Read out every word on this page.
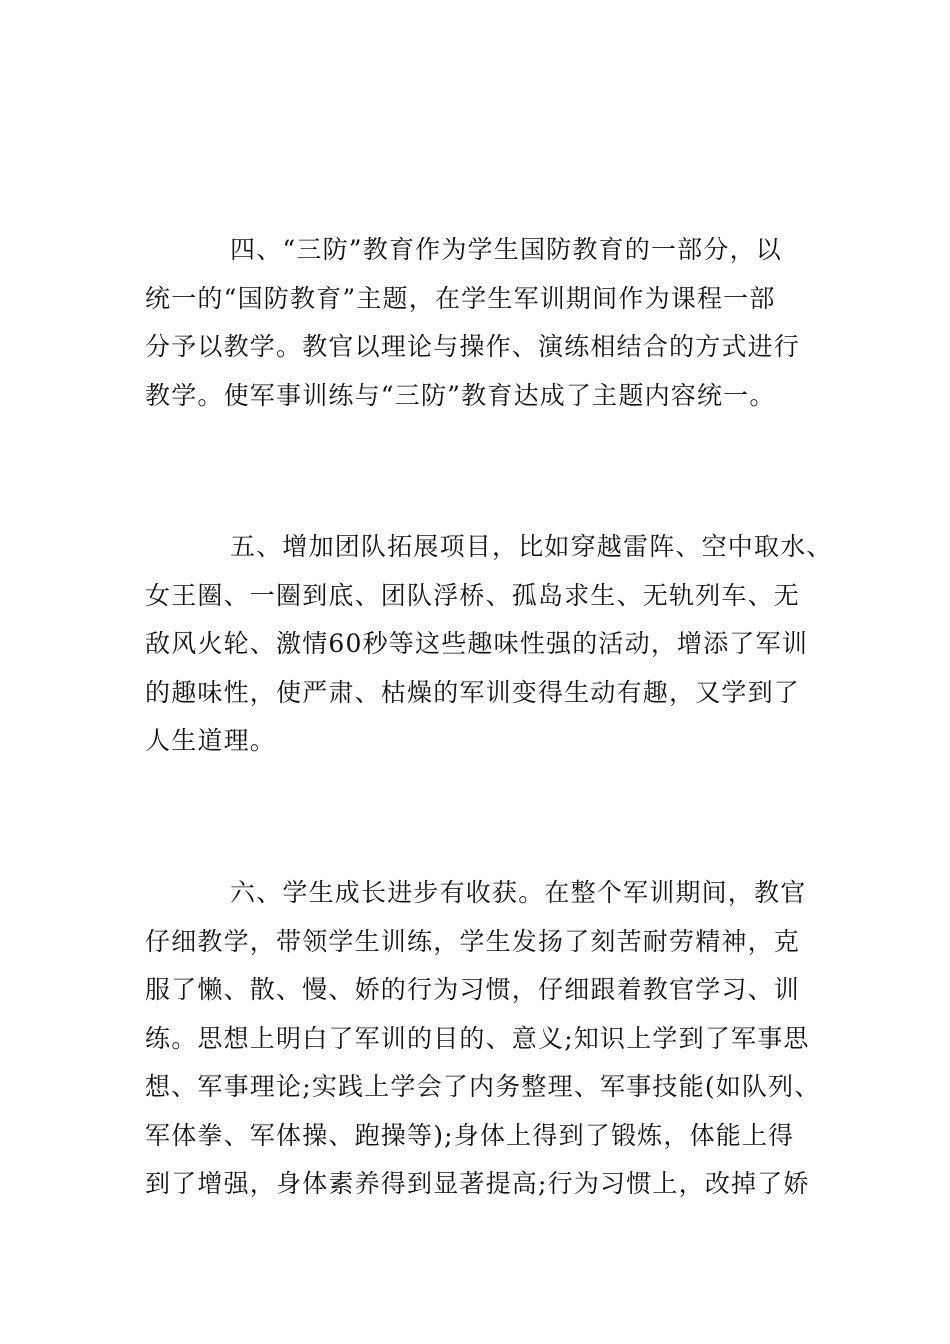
四、“三防”教育作为学生国防教育的一部分，以
统一的“国防教育”主题，在学生军训期间作为课程一部
分予以教学。教官以理论与操作、演练相结合的方式进行
教学。使军事训练与“三防”教育达成了主题内容统一。

五、增加团队拓展项目，比如穿越雷阵、空中取水、
女王圈、一圈到底、团队浮桥、孤岛求生、无轨列车、无
敌风火轮、激情60秒等这些趣味性强的活动，增添了军训
的趣味性，使严肃、枯燥的军训变得生动有趣，又学到了
人生道理。

六、学生成长进步有收获。在整个军训期间，教官
仔细教学，带领学生训练，学生发扬了刻苦耐劳精神，克
服了懒、散、慢、娇的行为习惯，仔细跟着教官学习、训
练。思想上明白了军训的目的、意义;知识上学到了军事思
想、军事理论;实践上学会了内务整理、军事技能(如队列、
军体拳、军体操、跑操等);身体上得到了锻炼，体能上得
到了增强，身体素养得到显著提高;行为习惯上，改掉了娇
